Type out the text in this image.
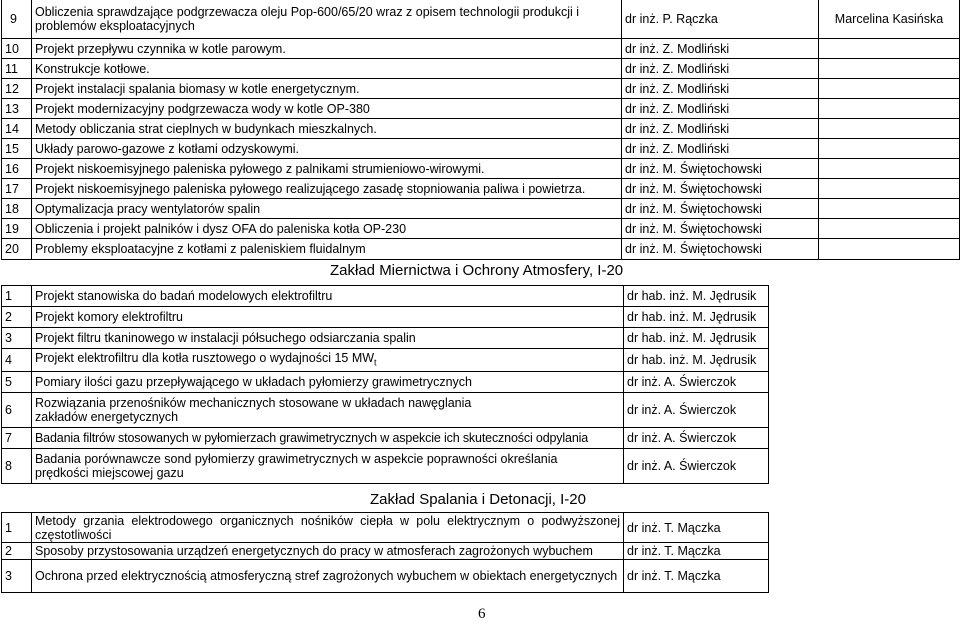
9	Obliczenia sprawdzające podgrzewacza oleju Pop-600/65/20 wraz z opisem technologii produkcji i problemów eksploatacyjnych	dr inż. P. Rączka	Marcelina Kasińska
10	Projekt przepływu czynnika w kotle parowym.	dr inż. Z. Modliński	
11	Konstrukcje kotłowe.	dr inż. Z. Modliński	
12	Projekt instalacji spalania biomasy w kotle energetycznym.	dr inż. Z. Modliński	
13	Projekt modernizacyjny podgrzewacza wody w kotle OP-380	dr inż. Z. Modliński	
14	Metody obliczania strat cieplnych w budynkach mieszkalnych.	dr inż. Z. Modliński	
15	Układy parowo-gazowe z kotłami odzyskowymi.	dr inż. Z. Modliński	
16	Projekt niskoemisyjnego paleniska pyłowego z palnikami strumieniowo-wirowymi.	dr inż. M. Świętochowski	
17	Projekt niskoemisyjnego paleniska pyłowego realizującego zasadę stopniowania paliwa i powietrza.	dr inż. M. Świętochowski	
18	Optymalizacja pracy wentylatorów spalin	dr inż. M. Świętochowski	
19	Obliczenia i projekt palników i dysz OFA do paleniska kotła OP-230	dr inż. M. Świętochowski	
20	Problemy eksploatacyjne z kotłami z paleniskiem fluidalnym	dr inż. M. Świętochowski	
Zakład Miernictwa i Ochrony Atmosfery, I-20
1	Projekt stanowiska do badań modelowych elektrofiltru	dr hab. inż. M. Jędrusik
2	Projekt komory elektrofiltru	dr hab. inż. M. Jędrusik
3	Projekt filtru tkaninowego w instalacji półsuchego odsiarczania spalin	dr hab. inż. M. Jędrusik
4	Projekt elektrofiltru dla kotła rusztowego o wydajności 15 $MW_t$	dr hab. inż. M. Jędrusik
5	Pomiary ilości gazu przepływającego w układach pyłomierzy grawimetrycznych	dr inż. A. Świerczok
6	Rozwiązania przenośników mechanicznych stosowane w układach nawęglania zakładów energetycznych	dr inż. A. Świerczok
7	Badania filtrów stosowanych w pyłomierzach grawimetrycznych w aspekcie ich skuteczności odpylania	dr inż. A. Świerczok
8	Badania porównawcze sond pyłomierzy grawimetrycznych w aspekcie poprawności określania prędkości miejscowej gazu	dr inż. A. Świerczok
Zakład Spalania i Detonacji, I-20
1	Metody grzania elektrodowego organicznych nośników ciepła w polu elektrycznym o podwyższonej częstotliwości	dr inż. T. Mączka
2	Sposoby przystosowania urządzeń energetycznych do pracy w atmosferach zagrożonych wybuchem	dr inż. T. Mączka
3	Ochrona przed elektrycznością atmosferyczną stref zagrożonych wybuchem w obiektach energetycznych	dr inż. T. Mączka
6
